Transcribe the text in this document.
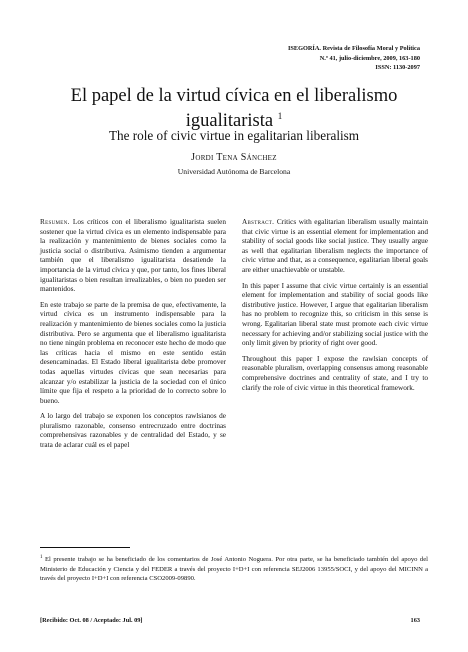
ISEGORÍA. Revista de Filosofía Moral y Política
N.º 41, julio-diciembre, 2009, 163-180
ISSN: 1130-2097
El papel de la virtud cívica en el liberalismo igualitarista $^1$
The role of civic virtue in egalitarian liberalism
Jordi Tena Sánchez
Universidad Autónoma de Barcelona

Resumen. Los críticos con el liberalismo igualitarista suelen sostener que la virtud cívica es un elemento indispensable para la realización y mantenimiento de bienes sociales como la justicia social o distributiva. Asimismo tienden a argumentar también que el liberalismo igualitarista desatiende la importancia de la virtud cívica y que, por tanto, los fines liberal igualitaristas o bien resultan irrealizables, o bien no pueden ser mantenidos.

En este trabajo se parte de la premisa de que, efectivamente, la virtud cívica es un instrumento indispensable para la realización y mantenimiento de bienes sociales como la justicia distributiva. Pero se argumenta que el liberalismo igualitarista no tiene ningún problema en reconocer este hecho de modo que las críticas hacia el mismo en este sentido están desencaminadas. El Estado liberal igualitarista debe promover todas aquellas virtudes cívicas que sean necesarias para alcanzar y/o estabilizar la justicia de la sociedad con el único límite que fija el respeto a la prioridad de lo correcto sobre lo bueno.

A lo largo del trabajo se exponen los conceptos rawlsianos de pluralismo razonable, consenso entrecruzado entre doctrinas comprehensivas razonables y de centralidad del Estado, y se trata de aclarar cuál es el papel

Abstract. Critics with egalitarian liberalism usually maintain that civic virtue is an essential element for implementation and stability of social goods like social justice. They usually argue as well that egalitarian liberalism neglects the importance of civic virtue and that, as a consequence, egalitarian liberal goals are either unachievable or unstable.

In this paper I assume that civic virtue certainly is an essential element for implementation and stability of social goods like distributive justice. However, I argue that egalitarian liberalism has no problem to recognize this, so criticism in this sense is wrong. Egalitarian liberal state must promote each civic virtue necessary for achieving and/or stabilizing social justice with the only limit given by priority of right over good.

Throughout this paper I expose the rawlsian concepts of reasonable pluralism, overlapping consensus among reasonable comprehensive doctrines and centrality of state, and I try to clarify the role of civic virtue in this theoretical framework.

$^1$ El presente trabajo se ha beneficiado de los comentarios de José Antonio Noguera. Por otra parte, se ha beneficiado también del apoyo del Ministerio de Educación y Ciencia y del FEDER a través del proyecto I+D+I con referencia SEJ2006 13955/SOCI, y del apoyo del MICINN a través del proyecto I+D+I con referencia CSO2009-09890.
[Recibido: Oct. 08 / Aceptado: Jul. 09]	163
